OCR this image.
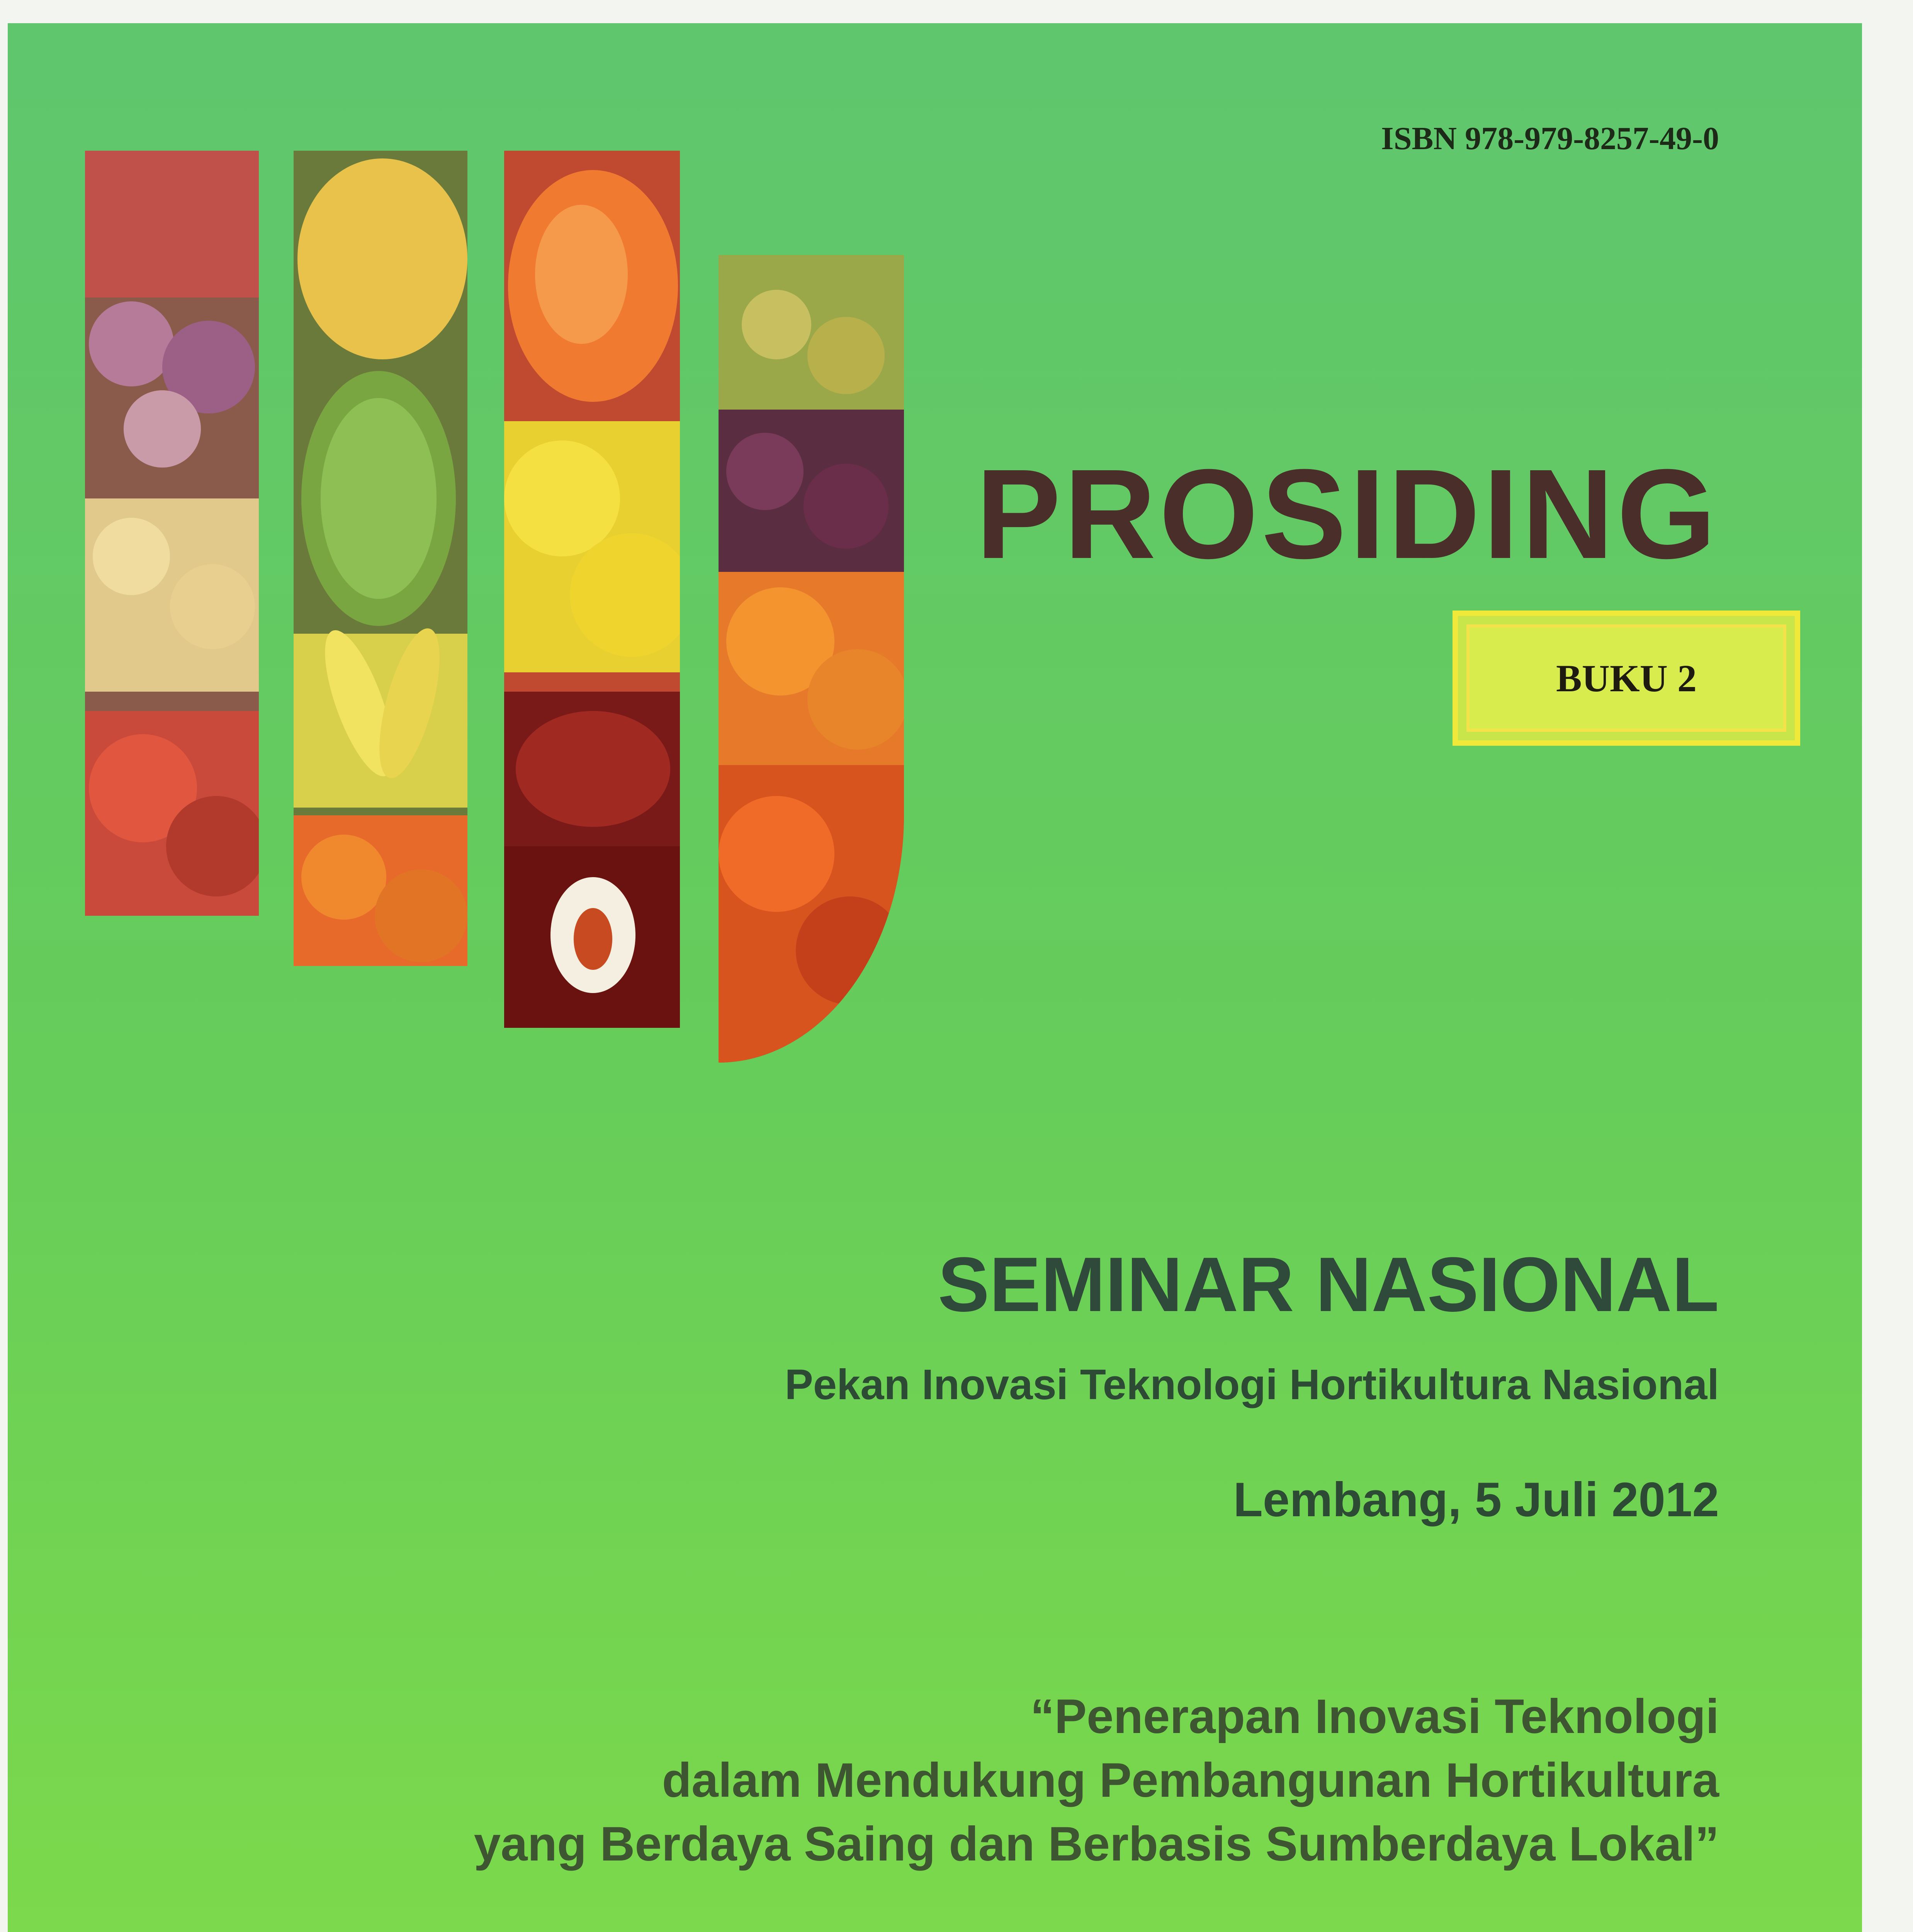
ISBN 978-979-8257-49-0
PROSIDING
BUKU 2
SEMINAR NASIONAL
Pekan Inovasi Teknologi Hortikultura Nasional
Lembang, 5 Juli 2012
“Penerapan Inovasi Teknologi
dalam Mendukung Pembangunan Hortikultura
yang Berdaya Saing dan Berbasis Sumberdaya Lokal”
